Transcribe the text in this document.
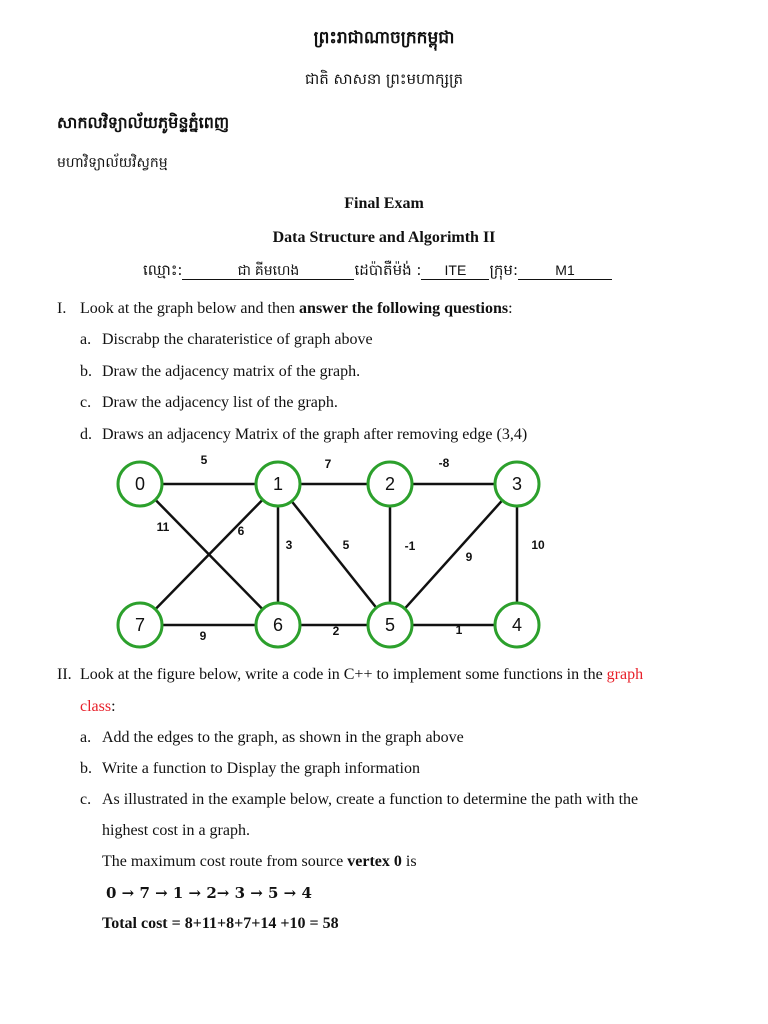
ព្រះរាជាណាចក្រកម្ពុជា
ជាតិ សាសនា ព្រះមហាក្សត្រ
សាកលវិទ្យាល័យភូមិន្ទភ្នំពេញ
មហាវិទ្យាល័យវិស្វកម្ម
Final Exam
Data Structure and Algorimth II
ឈ្មោះ:	ជា គីមហេង	ដេប៉ាតឺម៉ង់ : ITE ក្រុម:	M1
I. Look at the graph below and then answer the following questions:
a. Discrabp the charateristice of graph above
b. Draw the adjacency matrix of the graph.
c. Draw the adjacency list of the graph.
d. Draws an adjacency Matrix of the graph after removing edge (3,4)
5	7	-8
11	6
3	5	-1
9
10
9	2	1
0	1	2	3
7	6	5	4
II. Look at the figure below, write a code in C++ to implement some functions in the graph
class:
a. Add the edges to the graph, as shown in the graph above
b. Write a function to Display the graph information
c. As illustrated in the example below, create a function to determine the path with the
highest cost in a graph.
The maximum cost route from source vertex 0 is
0 → 7 → 1 → 2→ 3 → 5 → 4
Total cost = 8+11+8+7+14 +10 = 58
